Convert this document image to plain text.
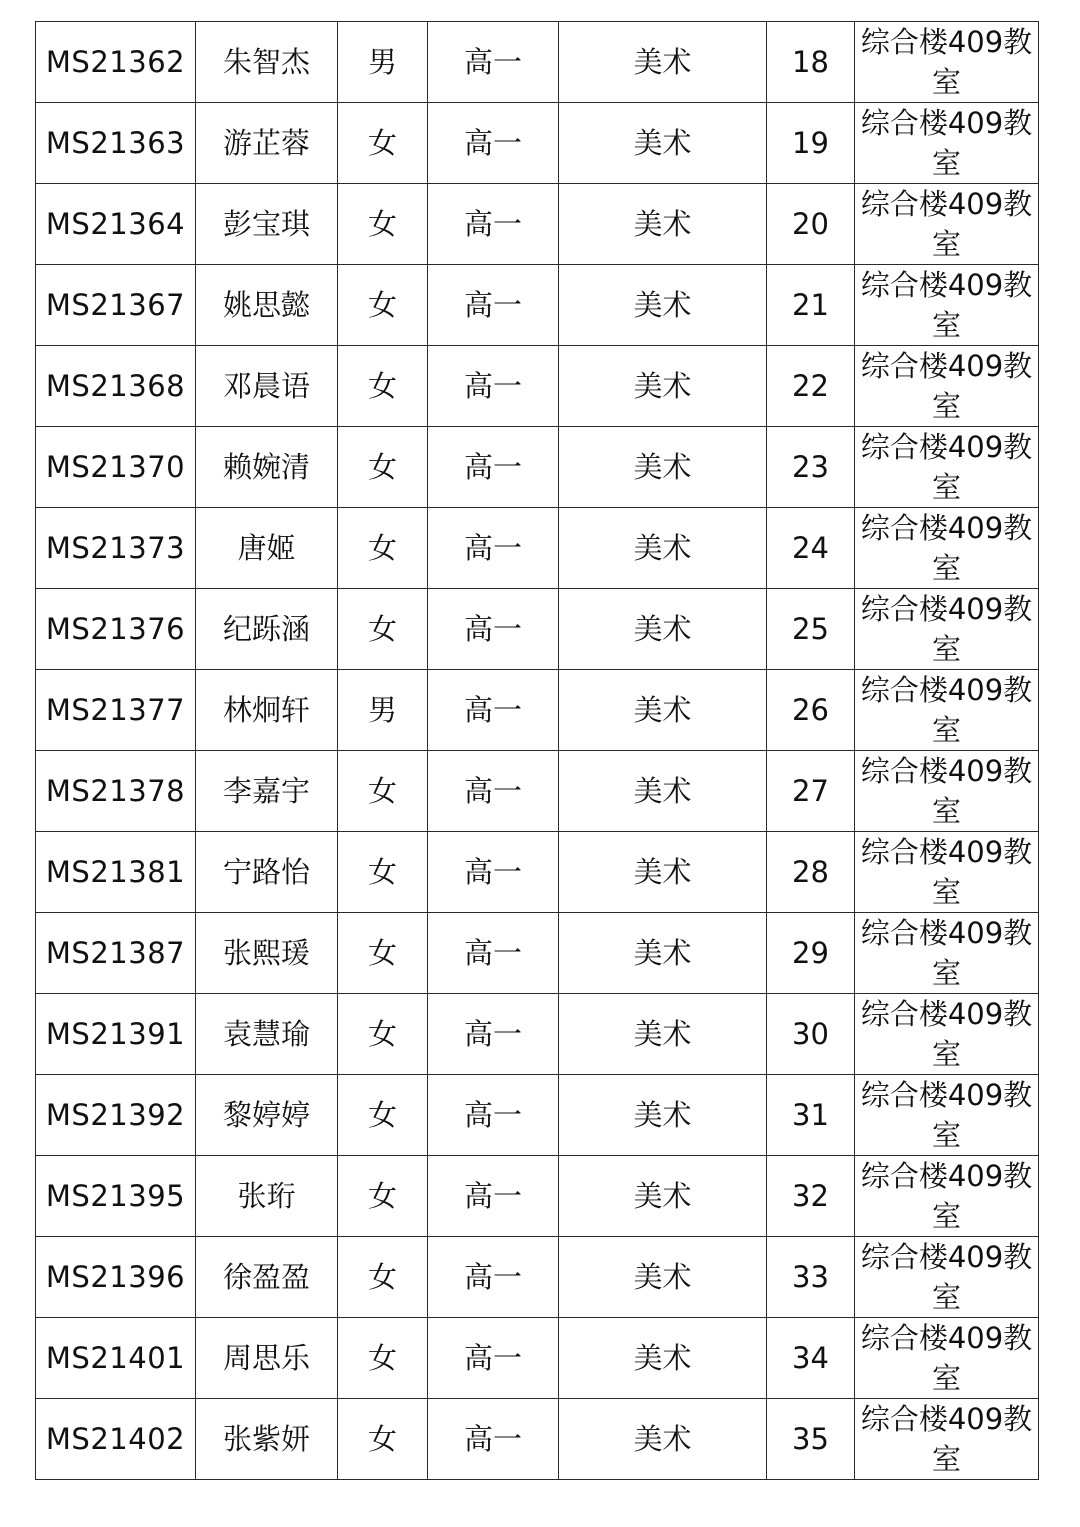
MS21362	朱智杰	男	高一	美术	18	综合楼409教室
MS21363	游芷蓉	女	高一	美术	19	综合楼409教室
MS21364	彭宝琪	女	高一	美术	20	综合楼409教室
MS21367	姚思懿	女	高一	美术	21	综合楼409教室
MS21368	邓晨语	女	高一	美术	22	综合楼409教室
MS21370	赖婉清	女	高一	美术	23	综合楼409教室
MS21373	唐姬	女	高一	美术	24	综合楼409教室
MS21376	纪跞涵	女	高一	美术	25	综合楼409教室
MS21377	林炯轩	男	高一	美术	26	综合楼409教室
MS21378	李嘉宇	女	高一	美术	27	综合楼409教室
MS21381	宁路怡	女	高一	美术	28	综合楼409教室
MS21387	张熙瑗	女	高一	美术	29	综合楼409教室
MS21391	袁慧瑜	女	高一	美术	30	综合楼409教室
MS21392	黎婷婷	女	高一	美术	31	综合楼409教室
MS21395	张珩	女	高一	美术	32	综合楼409教室
MS21396	徐盈盈	女	高一	美术	33	综合楼409教室
MS21401	周思乐	女	高一	美术	34	综合楼409教室
MS21402	张紫妍	女	高一	美术	35	综合楼409教室
